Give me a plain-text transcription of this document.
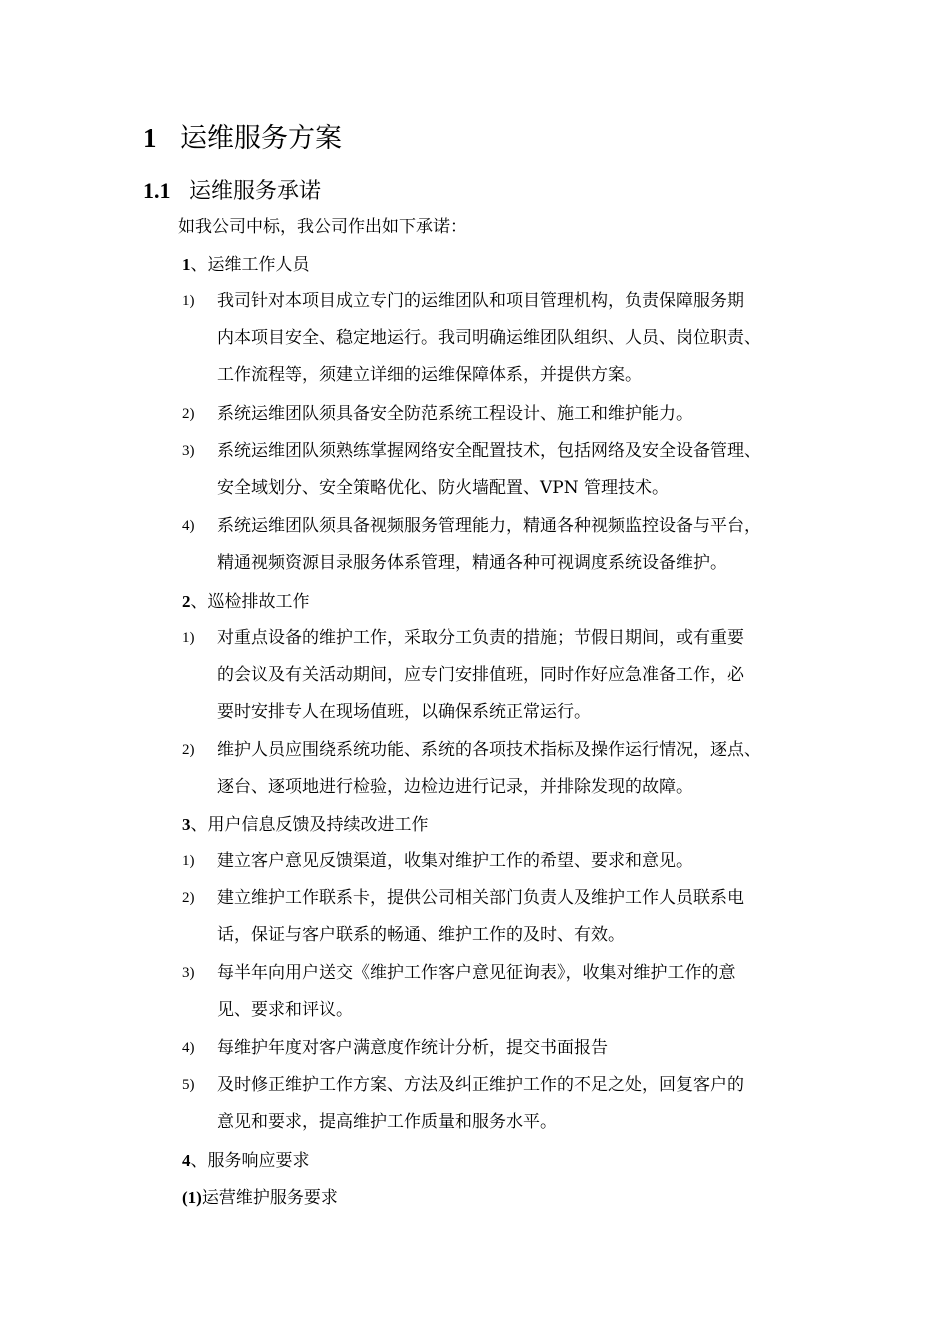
1 运维服务方案
1.1 运维服务承诺
如我公司中标，我公司作出如下承诺：
1、运维工作人员
1) 我司针对本项目成立专门的运维团队和项目管理机构，负责保障服务期
内本项目安全、稳定地运行。我司明确运维团队组织、人员、岗位职责、
工作流程等，须建立详细的运维保障体系，并提供方案。
2) 系统运维团队须具备安全防范系统工程设计、施工和维护能力。
3) 系统运维团队须熟练掌握网络安全配置技术，包括网络及安全设备管理、
安全域划分、安全策略优化、防火墙配置、VPN 管理技术。
4) 系统运维团队须具备视频服务管理能力，精通各种视频监控设备与平台，
精通视频资源目录服务体系管理，精通各种可视调度系统设备维护。
2、巡检排故工作
1) 对重点设备的维护工作，采取分工负责的措施；节假日期间，或有重要
的会议及有关活动期间，应专门安排值班，同时作好应急准备工作，必
要时安排专人在现场值班，以确保系统正常运行。
2) 维护人员应围绕系统功能、系统的各项技术指标及操作运行情况，逐点、
逐台、逐项地进行检验，边检边进行记录，并排除发现的故障。
3、用户信息反馈及持续改进工作
1) 建立客户意见反馈渠道，收集对维护工作的希望、要求和意见。
2) 建立维护工作联系卡，提供公司相关部门负责人及维护工作人员联系电
话，保证与客户联系的畅通、维护工作的及时、有效。
3) 每半年向用户送交《维护工作客户意见征询表》，收集对维护工作的意
见、要求和评议。
4) 每维护年度对客户满意度作统计分析，提交书面报告
5) 及时修正维护工作方案、方法及纠正维护工作的不足之处，回复客户的
意见和要求，提高维护工作质量和服务水平。
4、服务响应要求
(1)运营维护服务要求
